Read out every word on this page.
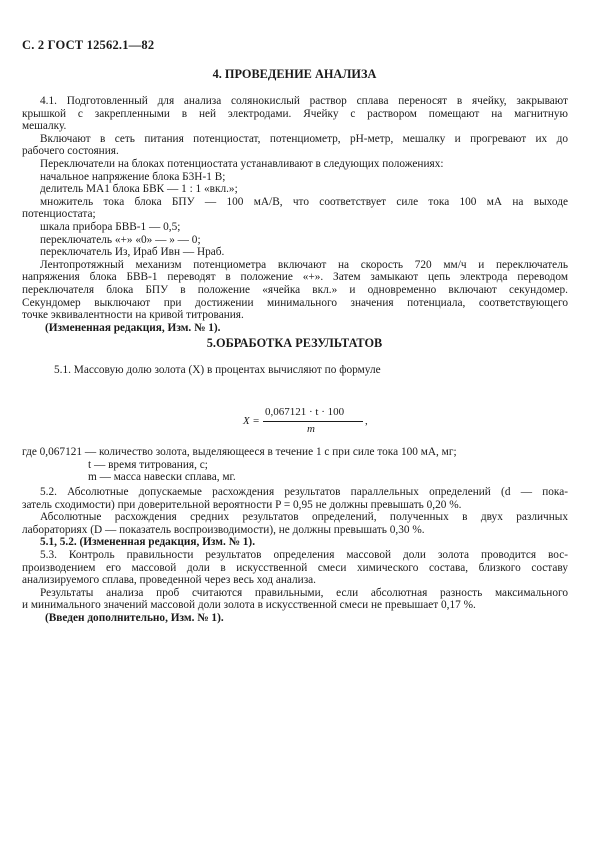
С. 2 ГОСТ 12562.1—82
4. ПРОВЕДЕНИЕ АНАЛИЗА
4.1. Подготовленный для анализа солянокислый раствор сплава переносят в ячейку, закрывают
крышкой с закрепленными в ней электродами. Ячейку с раствором помещают на магнитную
мешалку.
Включают в сеть питания потенциостат, потенциометр, рН-метр, мешалку и прогревают их до
рабочего состояния.
Переключатели на блоках потенциостата устанавливают в следующих положениях:
начальное напряжение блока Б3Н-1 В;
делитель МА1 блока БВК — 1 : 1 «вкл.»;
множитель тока блока БПУ — 100 мА/В, что соответствует силе тока 100 мА на выходе
потенциостата;
шкала прибора БВВ-1 — 0,5;
переключатель «+» «0» — » — 0;
переключатель Из, Ираб Ивн — Нраб.
Лентопротяжный механизм потенциометра включают на скорость 720 мм/ч и переключатель
напряжения блока БВВ-1 переводят в положение «+». Затем замыкают цепь электрода переводом
переключателя блока БПУ в положение «ячейка вкл.» и одновременно включают секундомер.
Секундомер выключают при достижении минимального значения потенциала, соответствующего
точке эквивалентности на кривой титрования.
(Измененная редакция, Изм. № 1).
5.ОБРАБОТКА РЕЗУЛЬТАТОВ
5.1. Массовую долю золота (X) в процентах вычисляют по формуле
X =
0,067121 · t · 100
m
,
где 0,067121 — количество золота, выделяющееся в течение 1 с при силе тока 100 мА, мг;
t — время титрования, с;
m — масса навески сплава, мг.
5.2. Абсолютные допускаемые расхождения результатов параллельных определений (d — пока-
затель сходимости) при доверительной вероятности P = 0,95 не должны превышать 0,20 %.
Абсолютные расхождения средних результатов определений, полученных в двух различных
лабораториях (D — показатель воспроизводимости), не должны превышать 0,30 %.
5.1, 5.2. (Измененная редакция, Изм. № 1).
5.3. Контроль правильности результатов определения массовой доли золота проводится вос-
производением его массовой доли в искусственной смеси химического состава, близкого составу
анализируемого сплава, проведенной через весь ход анализа.
Результаты анализа проб считаются правильными, если абсолютная разность максимального
и минимального значений массовой доли золота в искусственной смеси не превышает 0,17 %.
(Введен дополнительно, Изм. № 1).
